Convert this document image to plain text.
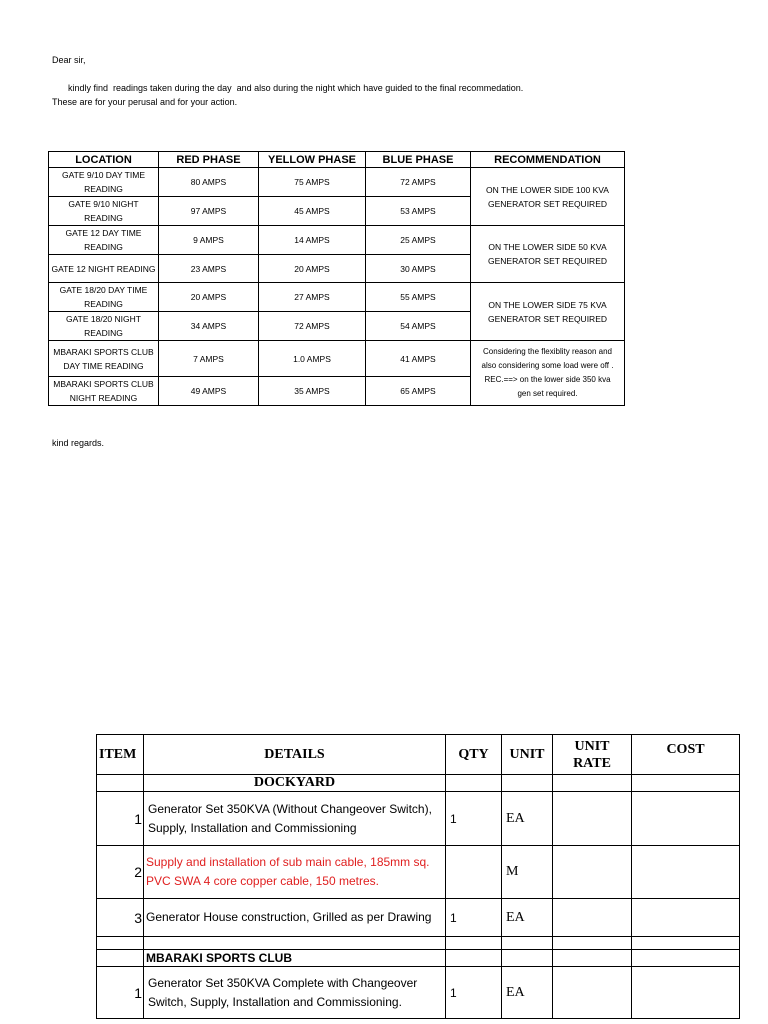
Dear sir,
kindly find  readings taken during the day  and also during the night which have guided to the final recommedation.
These are for your perusal and for your action.
LOCATION	RED PHASE	YELLOW PHASE	BLUE PHASE	RECOMMENDATION
GATE 9/10 DAY TIME READING	80 AMPS	75 AMPS	72 AMPS	ON THE LOWER SIDE 100 KVA GENERATOR SET REQUIRED
GATE 9/10 NIGHT READING	97 AMPS	45 AMPS	53 AMPS	
GATE 12 DAY TIME READING	9 AMPS	14 AMPS	25 AMPS	ON THE LOWER SIDE 50 KVA GENERATOR SET REQUIRED
GATE 12 NIGHT READING	23 AMPS	20 AMPS	30 AMPS	
GATE 18/20 DAY TIME READING	20 AMPS	27 AMPS	55 AMPS	ON THE LOWER SIDE 75 KVA GENERATOR SET REQUIRED
GATE 18/20 NIGHT READING	34 AMPS	72 AMPS	54 AMPS	
MBARAKI SPORTS CLUB DAY TIME READING	7 AMPS	1.0 AMPS	41 AMPS	Considering the flexiblity reason and also considering some load were off . REC.==> on the lower side 350 kva gen set required.
MBARAKI SPORTS CLUB NIGHT READING	49 AMPS	35 AMPS	65 AMPS	
kind regards.
ITEM	DETAILS	QTY	UNIT	UNIT RATE	COST
	DOCKYARD				
1	Generator Set 350KVA (Without Changeover Switch), Supply, Installation and Commissioning	1	EA		
2	Supply and installation of sub main cable, 185mm sq. PVC SWA 4 core copper cable, 150 metres.		M		
3	Generator House construction, Grilled as per Drawing	1	EA		

	MBARAKI SPORTS CLUB				
1	Generator Set 350KVA Complete with Changeover Switch, Supply, Installation and Commissioning.	1	EA		
